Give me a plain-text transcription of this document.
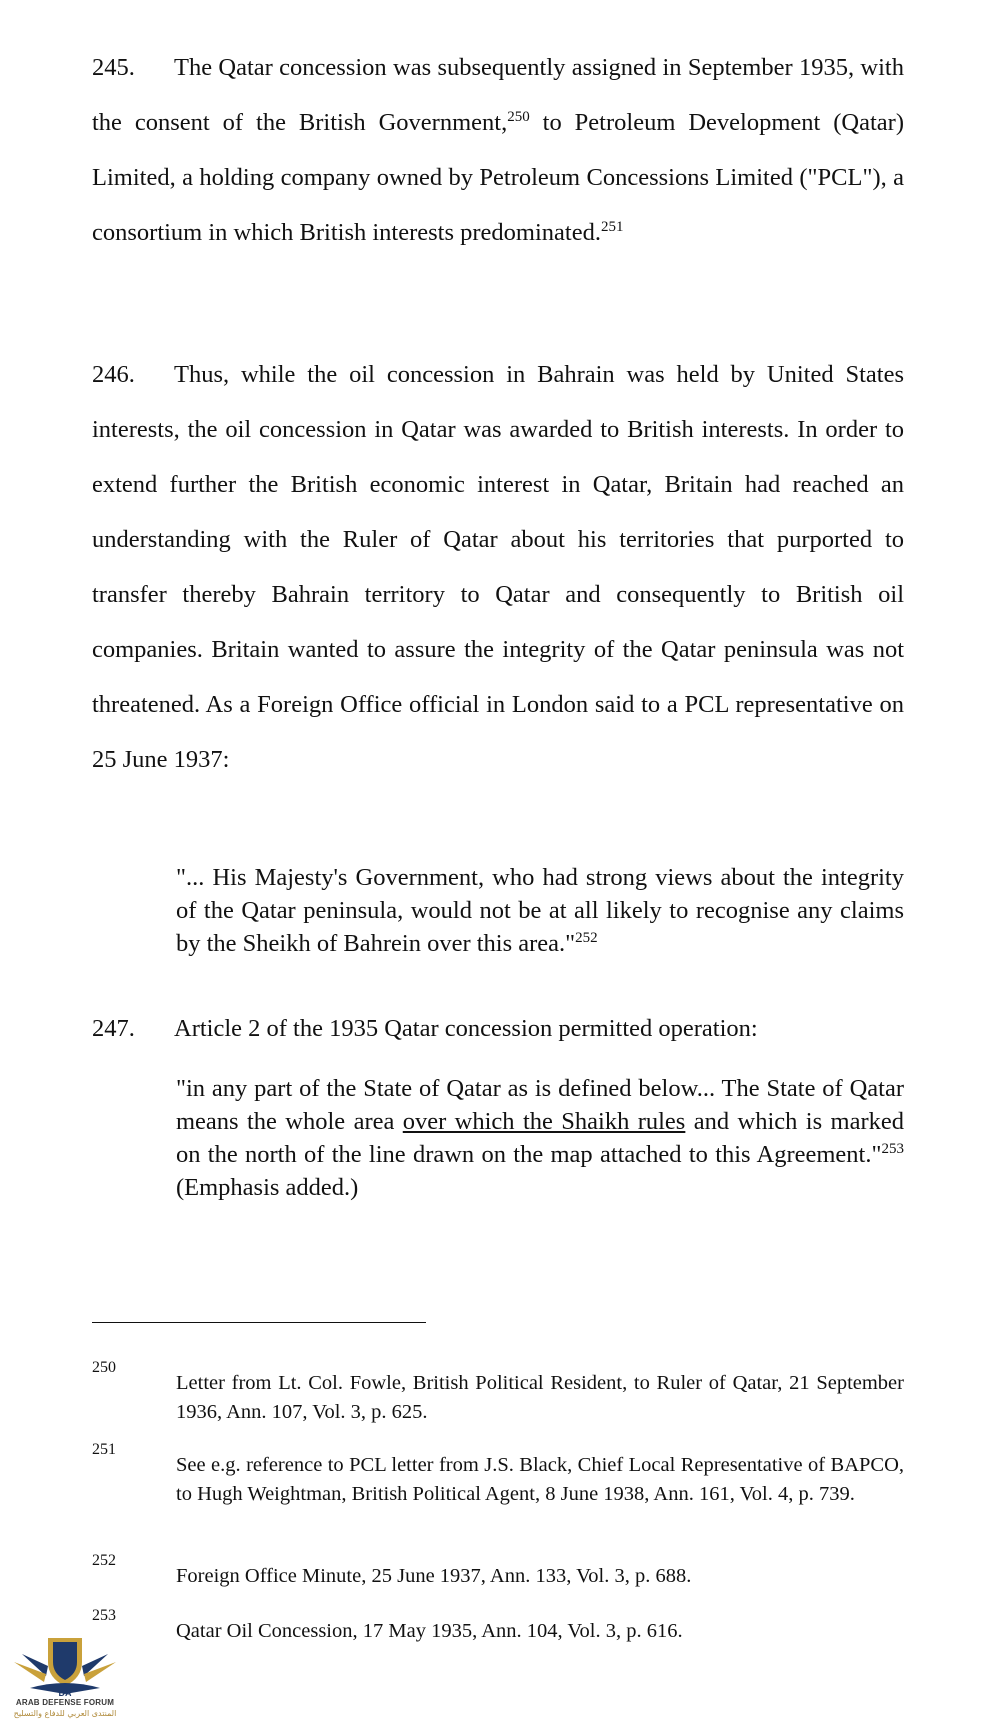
245. The Qatar concession was subsequently assigned in September 1935, with the consent of the British Government,$^{250}$ to Petroleum Development (Qatar) Limited, a holding company owned by Petroleum Concessions Limited ("PCL"), a consortium in which British interests predominated.$^{251}$

246. Thus, while the oil concession in Bahrain was held by United States interests, the oil concession in Qatar was awarded to British interests. In order to extend further the British economic interest in Qatar, Britain had reached an understanding with the Ruler of Qatar about his territories that purported to transfer thereby Bahrain territory to Qatar and consequently to British oil companies. Britain wanted to assure the integrity of the Qatar peninsula was not threatened. As a Foreign Office official in London said to a PCL representative on 25 June 1937:

"... His Majesty's Government, who had strong views about the integrity of the Qatar peninsula, would not be at all likely to recognise any claims by the Sheikh of Bahrein over this area."$^{252}$

247. Article 2 of the 1935 Qatar concession permitted operation:

"in any part of the State of Qatar as is defined below... The State of Qatar means the whole area over which the Shaikh rules and which is marked on the north of the line drawn on the map attached to this Agreement."$^{253}$ (Emphasis added.)

250
Letter from Lt. Col. Fowle, British Political Resident, to Ruler of Qatar, 21 September 1936, Ann. 107, Vol. 3, p. 625.
251
See e.g. reference to PCL letter from J.S. Black, Chief Local Representative of BAPCO, to Hugh Weightman, British Political Agent, 8 June 1938, Ann. 161, Vol. 4, p. 739.
252
Foreign Office Minute, 25 June 1937, Ann. 133, Vol. 3, p. 688.
253
Qatar Oil Concession, 17 May 1935, Ann. 104, Vol. 3, p. 616.
DA
ARAB DEFENSE FORUM
المنتدى العربي للدفاع والتسليح
